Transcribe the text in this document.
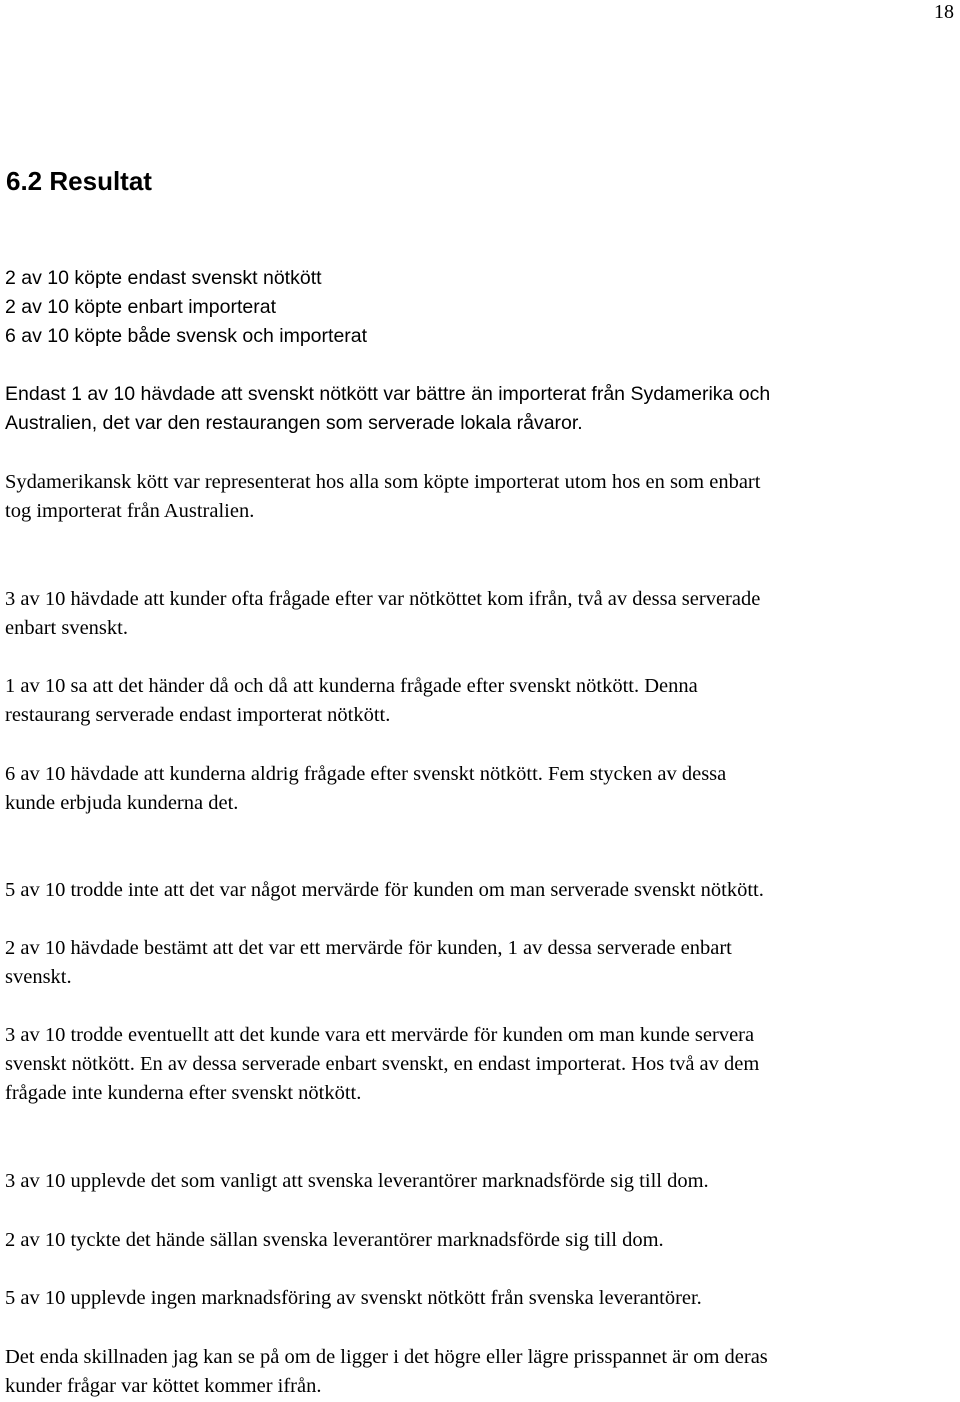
18
6.2 Resultat
2 av 10 köpte endast svenskt nötkött
2 av 10 köpte enbart importerat
6 av 10 köpte både svensk och importerat
Endast 1 av 10 hävdade att svenskt nötkött var bättre än importerat från Sydamerika och
Australien, det var den restaurangen som serverade lokala råvaror.
Sydamerikansk kött var representerat hos alla som köpte importerat utom hos en som enbart
tog importerat från Australien.
3 av 10 hävdade att kunder ofta frågade efter var nötköttet kom ifrån, två av dessa serverade
enbart svenskt.
1 av 10 sa att det händer då och då att kunderna frågade efter svenskt nötkött. Denna
restaurang serverade endast importerat nötkött.
6 av 10 hävdade att kunderna aldrig frågade efter svenskt nötkött. Fem stycken av dessa
kunde erbjuda kunderna det.
5 av 10 trodde inte att det var något mervärde för kunden om man serverade svenskt nötkött.
2 av 10 hävdade bestämt att det var ett mervärde för kunden, 1 av dessa serverade enbart
svenskt.
3 av 10 trodde eventuellt att det kunde vara ett mervärde för kunden om man kunde servera
svenskt nötkött. En av dessa serverade enbart svenskt, en endast importerat. Hos två av dem
frågade inte kunderna efter svenskt nötkött.
3 av 10 upplevde det som vanligt att svenska leverantörer marknadsförde sig till dom.
2 av 10 tyckte det hände sällan svenska leverantörer marknadsförde sig till dom.
5 av 10 upplevde ingen marknadsföring av svenskt nötkött från svenska leverantörer.
Det enda skillnaden jag kan se på om de ligger i det högre eller lägre prisspannet är om deras
kunder frågar var köttet kommer ifrån.
